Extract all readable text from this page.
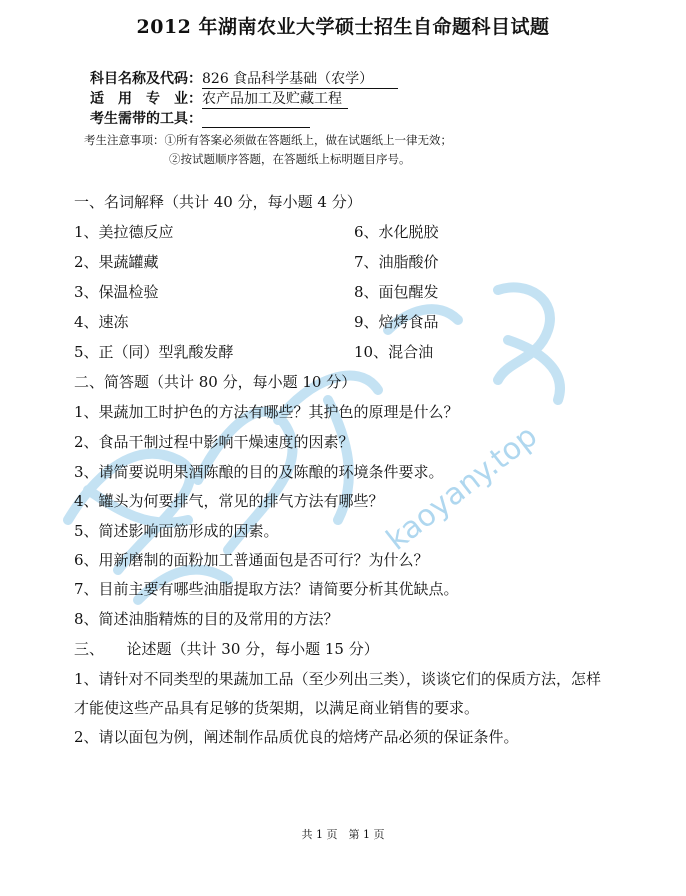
kaoyany.top
2012 年湖南农业大学硕士招生自命题科目试题
科目名称及代码：826 食品科学基础（农学）
适　用　专　业：农产品加工及贮藏工程
考生需带的工具：
考生注意事项：①所有答案必须做在答题纸上，做在试题纸上一律无效；
②按试题顺序答题，在答题纸上标明题目序号。
一、名词解释（共计 40 分，每小题 4 分）
1、美拉德反应
2、果蔬罐藏
3、保温检验
4、速冻
5、正（同）型乳酸发酵
6、水化脱胶
7、油脂酸价
8、面包醒发
9、焙烤食品
10、混合油
二、简答题（共计 80 分，每小题 10 分）
1、果蔬加工时护色的方法有哪些？其护色的原理是什么？
2、食品干制过程中影响干燥速度的因素？
3、请简要说明果酒陈酿的目的及陈酿的环境条件要求。
4、罐头为何要排气，常见的排气方法有哪些？
5、简述影响面筋形成的因素。
6、用新磨制的面粉加工普通面包是否可行？为什么？
7、目前主要有哪些油脂提取方法？请简要分析其优缺点。
8、简述油脂精炼的目的及常用的方法？
三、　　论述题（共计 30 分，每小题 15 分）
1、请针对不同类型的果蔬加工品（至少列出三类），谈谈它们的保质方法，怎样
才能使这些产品具有足够的货架期，以满足商业销售的要求。
2、请以面包为例，阐述制作品质优良的焙烤产品必须的保证条件。
共 1 页　第 1 页
